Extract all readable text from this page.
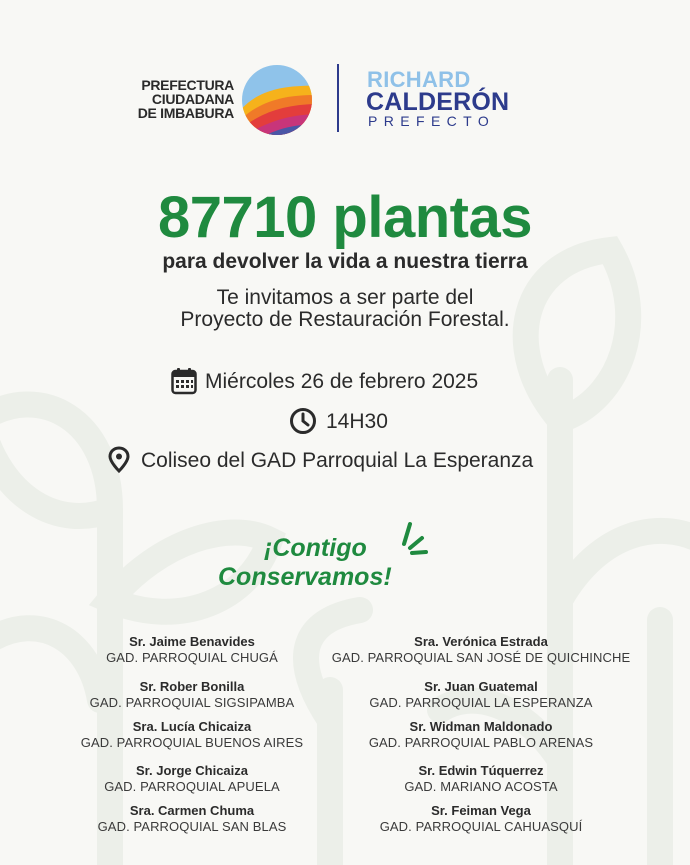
PREFECTURA
CIUDADANA
DE IMBABURA
RICHARD
CALDERÓN
PREFECTO
87710 plantas
para devolver la vida a nuestra tierra
Te invitamos a ser parte del
Proyecto de Restauración Forestal.
Miércoles 26 de febrero 2025
14H30
Coliseo del GAD Parroquial La Esperanza
¡Contigo
Conservamos!
Sr. Jaime Benavides
GAD. PARROQUIAL CHUGÁ
Sr. Rober Bonilla
GAD. PARROQUIAL SIGSIPAMBA
Sra. Lucía Chicaiza
GAD. PARROQUIAL BUENOS AIRES
Sr. Jorge Chicaiza
GAD. PARROQUIAL APUELA
Sra. Carmen Chuma
GAD. PARROQUIAL SAN BLAS
Sra. Verónica Estrada
GAD. PARROQUIAL SAN JOSÉ DE QUICHINCHE
Sr. Juan Guatemal
GAD. PARROQUIAL LA ESPERANZA
Sr. Widman Maldonado
GAD. PARROQUIAL PABLO ARENAS
Sr. Edwin Túquerrez
GAD. MARIANO ACOSTA
Sr. Feiman Vega
GAD. PARROQUIAL CAHUASQUÍ
